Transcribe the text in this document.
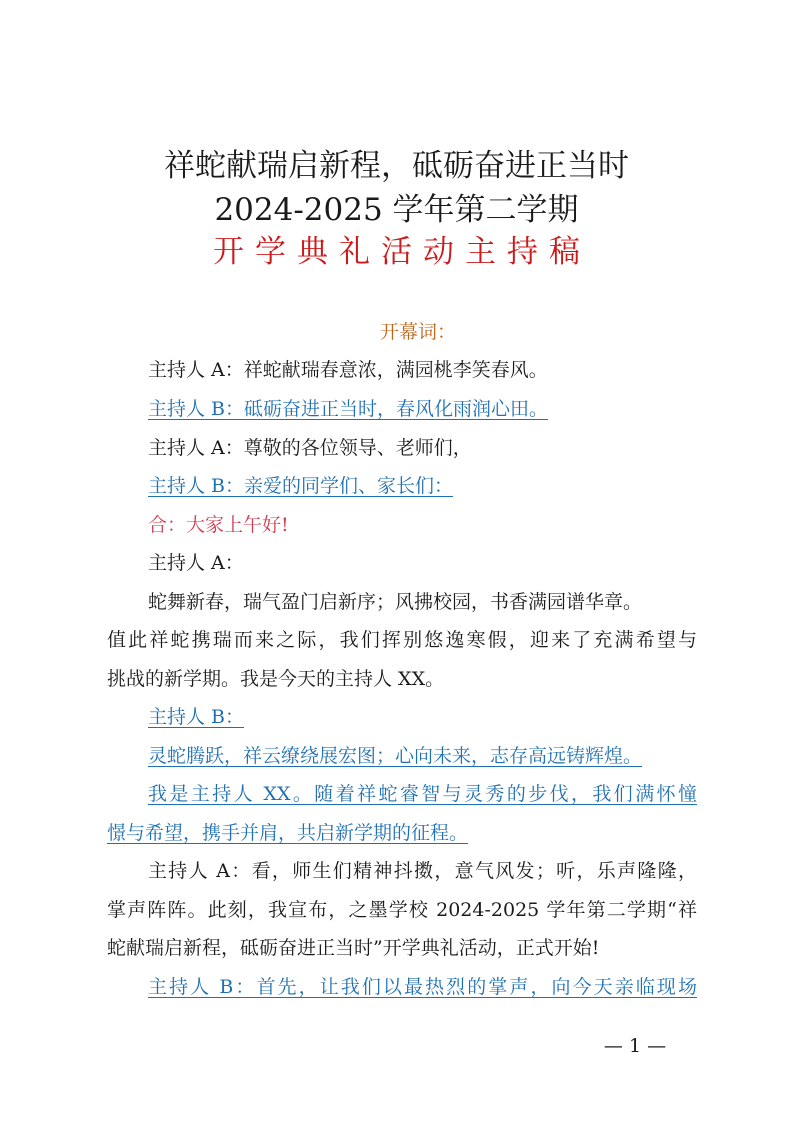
祥蛇献瑞启新程，砥砺奋进正当时
2024-2025 学年第二学期
开学典礼活动主持稿
开幕词：
主持人 A：祥蛇献瑞春意浓，满园桃李笑春风。
主持人 B：砥砺奋进正当时，春风化雨润心田。
主持人 A：尊敬的各位领导、老师们，
主持人 B：亲爱的同学们、家长们：
合：大家上午好!
主持人 A：
蛇舞新春，瑞气盈门启新序；风拂校园，书香满园谱华章。
值此祥蛇携瑞而来之际，我们挥别悠逸寒假，迎来了充满希望与
挑战的新学期。我是今天的主持人 XX。
主持人 B：
灵蛇腾跃，祥云缭绕展宏图；心向未来，志存高远铸辉煌。
我是主持人 XX。随着祥蛇睿智与灵秀的步伐，我们满怀憧
憬与希望，携手并肩，共启新学期的征程。
主持人 A：看，师生们精神抖擞，意气风发；听，乐声隆隆，
掌声阵阵。此刻，我宣布，之墨学校 2024-2025 学年第二学期“祥
蛇献瑞启新程，砥砺奋进正当时”开学典礼活动，正式开始!
主持人 B：首先，让我们以最热烈的掌声，向今天亲临现场
— 1 —
